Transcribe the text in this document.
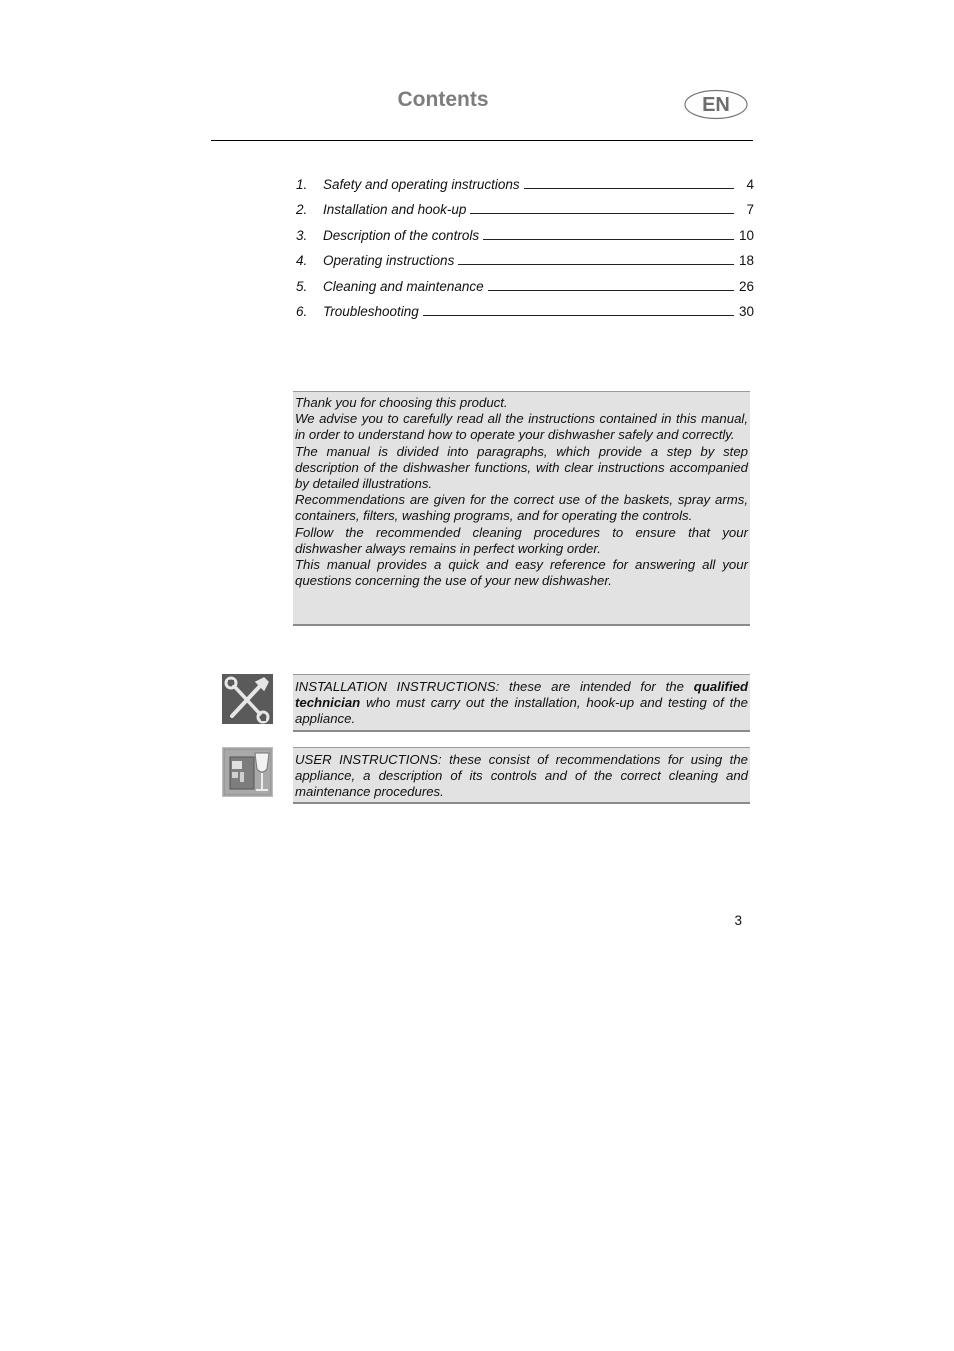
Contents	EN
1.	Safety and operating instructions	4
2.	Installation and hook-up	7
3.	Description of the controls	10
4.	Operating instructions	18
5.	Cleaning and maintenance	26
6.	Troubleshooting	30

Thank you for choosing this product.

We advise you to carefully read all the instructions contained in this manual, in order to understand how to operate your dishwasher safely and correctly.

The manual is divided into paragraphs, which provide a step by step description of the dishwasher functions, with clear instructions accompanied by detailed illustrations.

Recommendations are given for the correct use of the baskets, spray arms, containers, filters, washing programs, and for operating the controls.

Follow the recommended cleaning procedures to ensure that your dishwasher always remains in perfect working order.

This manual provides a quick and easy reference for answering all your questions concerning the use of your new dishwasher.

INSTALLATION INSTRUCTIONS: these are intended for the qualified technician who must carry out the installation, hook-up and testing of the appliance.

USER INSTRUCTIONS: these consist of recommendations for using the appliance, a description of its controls and of the correct cleaning and maintenance procedures.

3
